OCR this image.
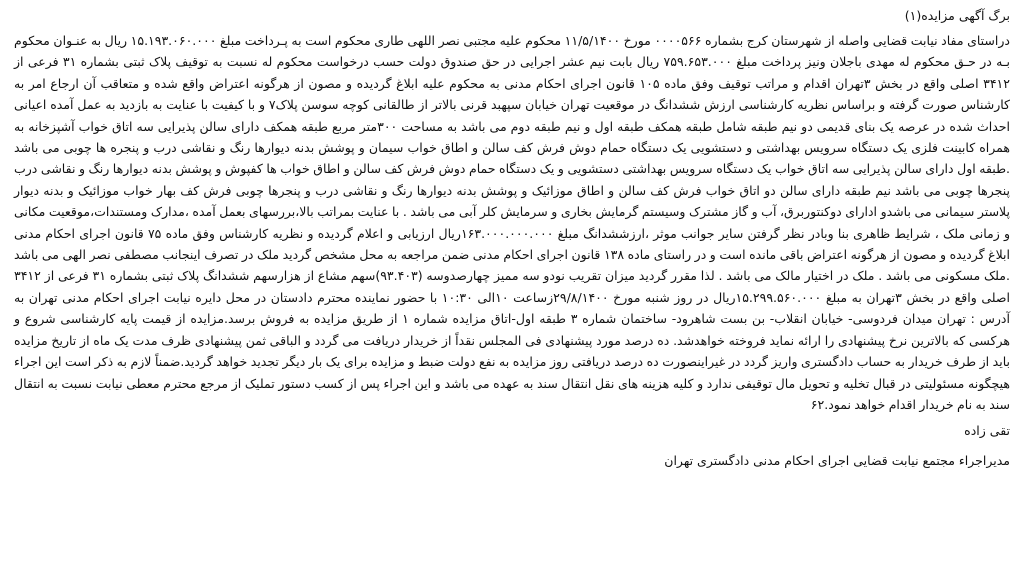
برگ آگهی مزایده(۱)

دراستای مفاد نیابت قضایی واصله از شهرستان کرج بشماره ۰۰۰۰۵۶۶ مورخ ۱۱/۵/۱۴۰۰ محکوم علیه مجتبی نصر اللهی طاری محکوم است به پـرداخت مبلغ ۱۵.۱۹۳.۰۶۰.۰۰۰ ریال به عنـوان محکوم بـه در حـق محکوم له مهدی باجلان ونیز پرداخت مبلغ ۷۵۹.۶۵۳.۰۰۰ ریال بابت نیم عشر اجرایی در حق صندوق دولت حسب درخواست محکوم له نسبت به توقیف پلاک ثبتی بشماره ۳۱ فرعی از ۳۴۱۲ اصلی واقع در بخش ۳تهران اقدام و مراتب توقیف وفق ماده ۱۰۵ قانون اجرای احکام مدنی به محکوم علیه ابلاغ گردیده و مصون از هرگونه اعتراض واقع شده و متعاقب آن ارجاع امر به کارشناس صورت گرفته و براساس نظریه کارشناسی ارزش ششدانگ در موقعیت تهران خیابان سپهبد قرنی بالاتر از طالقانی کوچه سوسن پلاک۷ و با کیفیت با عنایت به بازدید به عمل آمده اعیانی احداث شده در عرصه یک بنای قدیمی دو نیم طبقه شامل طبقه همکف طبقه اول و نیم طبقه دوم می باشد به مساحت ۳۰۰متر مربع طبقه همکف دارای سالن پذیرایی سه اتاق خواب آشپزخانه به همراه کابینت فلزی یک دستگاه سرویس بهداشتی و دستشویی یک دستگاه حمام دوش فرش کف سالن و اطاق خواب سیمان و پوشش بدنه دیوارها رنگ و نقاشی درب و پنجره ها چوبی می باشد .طبقه اول دارای سالن پذیرایی سه اتاق خواب یک دستگاه سرویس بهداشتی دستشویی و یک دستگاه حمام دوش فرش کف سالن و اطاق خواب ها کفپوش و پوشش بدنه دیوارها رنگ و نقاشی درب پنجرها چوبی می باشد نیم طبقه دارای سالن دو اتاق خواب فرش کف سالن و اطاق موزائیک و پوشش بدنه دیوارها رنگ و نقاشی درب و پنجرها چوبی فرش کف بهار خواب موزائیک و بدنه دیوار پلاستر سیمانی می باشدو ادارای دوکنتوربرق، آب و گاز مشترک وسیستم گرمایش بخاری و سرمایش کلر آبی می باشد . با عنایت بمراتب بالا،بررسهای بعمل آمده ،مدارک ومستندات،موقعیت مکانی و زمانی ملک ، شرایط ظاهری بنا وبادر نظر گرفتن سایر جوانب موثر ،ارزششدانگ مبلغ ۱۶۳.۰۰۰.۰۰۰.۰۰۰ریال ارزیابی و اعلام گردیده و نظریه کارشناس وفق ماده ۷۵ قانون اجرای احکام مدنی ابلاغ گردیده و مصون از هرگونه اعتراض باقی مانده است و در راستای ماده ۱۳۸ قانون اجرای احکام مدنی ضمن مراجعه به محل مشخص گردید ملک در تصرف اینجانب مصطفی نصر الهی می باشد .ملک مسکونی می باشد . ملک در اختیار مالک می باشد . لذا مقرر گردید میزان تقریب نودو سه ممیز چهارصدوسه (۹۳.۴۰۳)سهم مشاع از هزارسهم ششدانگ پلاک ثبتی بشماره ۳۱ فرعی از ۳۴۱۲ اصلی واقع در بخش ۳تهران به مبلغ ۱۵.۲۹۹.۵۶۰.۰۰۰ریال در روز شنبه مورخ ۲۹/۸/۱۴۰۰زساعت ۱۰الی ۱۰:۳۰ با حضور نماینده محترم دادستان در محل دایره نیابت اجرای احکام مدنی تهران به آدرس : تهران میدان فردوسی- خیابان انقلاب- بن بست شاهرود- ساختمان شماره ۳ طبقه اول-اتاق مزایده شماره ۱ از طریق مزایده به فروش برسد.مزایده از قیمت پایه کارشناسی شروع و هرکسی که بالاترین نرخ پیشنهادی را ارائه نماید فروخته خواهدشد. ده درصد مورد پیشنهادی فی المجلس نقداً از خریدار دریافت می گردد و الباقی ثمن پیشنهادی ظرف مدت یک ماه از تاریخ مزایده باید از طرف خریدار به حساب دادگستری واریز گردد در غیراینصورت ده درصد دریافتی روز مزایده به نفع دولت ضبط و مزایده برای یک بار دیگر تجدید خواهد گردید.ضمناً لازم به ذکر است این اجراء هیچگونه مسئولیتی در قبال تخلیه و تحویل مال توقیفی ندارد و کلیه هزینه های نقل انتقال سند به عهده می باشد و این اجراء پس از کسب دستور تملیک از مرجع محترم معطی نیابت نسبت به انتقال سند به نام خریدار اقدام خواهد نمود.۶۲

تقی زاده
مدیراجراء مجتمع نیابت قضایی اجرای احکام مدنی دادگستری تهران
